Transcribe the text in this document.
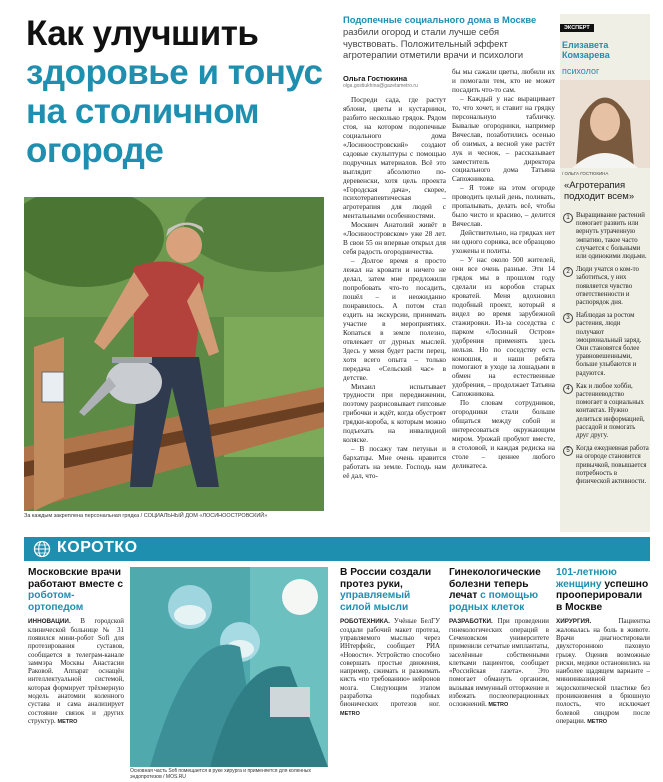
Как улучшить
здоровье и тонус
на столичном
огороде
За каждым закреплена персональная грядка / СОЦИАЛЬНЫЙ ДОМ «ЛОСИНООСТРОВСКИЙ»
Подопечные социального дома в Москве разбили огород и стали лучше себя чувствовать. Положительный эффект агротерапии отметили врачи и психологи
Ольга Гостюкина
olga.gostiukhina@gazetametro.ru

Посреди сада, где растут яблони, цветы и кустарники, разбито несколько грядок. Рядом стоя, на котором подопечные социального дома «Лосиноостровский» создают садовые скульптуры с помощью подручных материалов. Всё это выглядит абсолютно по-деревенски, хотя цель проекта «Городская дача», скорее, психотерапевтическая – агротерапия для людей с ментальными особенностями.

Москвич Анатолий живёт в «Лосиноостровском» уже 28 лет. В свои 55 он впервые открыл для себя радость огородничества.

– Долгое время я просто лежал на кровати и ничего не делал, затем мне предложили попробовать что-то посадить, пошёл – и неожиданно понравилось. А потом стал ездить на экскурсии, принимать участие в мероприятиях. Копаться в земле полезно, отвлекает от дурных мыслей. Здесь у меня будет расти перец, хотя всего опыта – только передача «Сельский час» в детстве.

Михаил испытывает трудности при передвижении, поэтому разрисовывает гипсовые грибочки и ждёт, когда обустроят грядки-короба, к которым можно подъехать на инвалидной коляске.

– В посажу там петуньи и бархатцы. Мне очень нравится работать на земле. Господь нам её дал, что-

бы мы сажали цветы, любили их и помогали тем, кто не может посадить что-то сам.

– Каждый у нас выращивает то, что хочет, и ставит на грядку персональную табличку. Бывалые огородники, например Вячеслав, позаботились осенью об озимых, а весной уже растёт лук и чеснок, – рассказывает заместитель директора социального дома Татьяна Сапожникова.

– Я тоже на этом огороде проводить целый день, поливать, пропалывать, делать всё, чтобы было чисто и красиво, – делится Вячеслав.

Действительно, на грядках нет ни одного сорняка, все образцово ухожены и политы.

– У нас около 500 жителей, они все очень разные. Эти 14 грядок мы в прошлом году сделали из коробов старых кроватей. Меня вдохновил подобный проект, который я видел во время зарубежной стажировки. Из-за соседства с парком «Лосиный Остров» удобрения применять здесь нельзя. Но по соседству есть конюшня, и наши ребята помогают в уходе за лошадьми в обмен на естественные удобрения, – продолжает Татьяна Сапожникова.

По словам сотрудников, огородники стали больше общаться между собой и интересоваться окружающим миром. Урожай пробуют вместе, в столовой, и каждая редиска на столе – ценнее любого деликатеса.

ЭКСПЕРТ
Елизавета Комзарева
психолог
/ ОЛЬГА ГОСТЮКИНА
«Агротерапия подходит всем»
1 Выращивание растений помогает развить или вернуть утраченную эмпатию, такое часто случается с больными или одинокими людьми.
2 Люди учатся о ком-то заботиться, у них появляется чувство ответственности и распорядок дня.
3 Наблюдая за ростом растения, люди получают эмоциональный заряд. Они становятся более уравновешенными, больше улыбаются и радуются.
4 Как и любое хобби, растениеводство помогает в социальных контактах. Нужно делиться информацией, рассадой и помогать друг другу.
5 Когда ежедневная работа на огороде становится привычкой, повышается потребность в физической активности.
КОРОТКО
Московские врачи работают вместе с роботом-ортопедом
ИННОВАЦИИ. В городской клинической больнице № 31 появился мини-робот Sofi для протезирования суставов, сообщается в телеграм-канале заммэра Москвы Анастасии Раковой. Аппарат оснащён интеллектуальной системой, которая формирует трёхмерную модель анатомии коленного сустава и сама анализирует состояние связок и других структур. METRO
Основная часть Sofi помещается в руке хирурга и применяется для коленных эндопротезов / MOS.RU
В России создали протез руки, управляемый силой мысли
РОБОТЕХНИКА. Учёные БелГУ создали рабочий макет протеза, управляемого мыслью через ИНтерфейс, сообщает РИА «Новости». Устройство способно совершать простые движения, например, сжимать и разжимать кисть «по требованию» нейронов мозга. Следующим этапом разработка подобных бионических протезов ног. METRO
Гинекологические болезни теперь лечат с помощью родных клеток
РАЗРАБОТКИ. При проведении гинекологических операций в Сеченовском университете применили сетчатые имплантаты, заселённые собственными клетками пациентов, сообщает «Российская газета». Это помогает обмануть организм, вызывая иммунный отторжение и избежать послеоперационных осложнений. METRO
101-летнюю женщину успешно прооперировали в Москве
ХИРУРГИЯ.	Пациентка жаловалась на боль в животе. Врачи диагностировали двухстороннюю паховую грыжу. Оценив возможные риски, медики остановились на наиболее щадящем варианте – миниинвазивной эндоскопической пластике без проникновения в брюшную полость, что исключает болевой синдром после операции. METRO
